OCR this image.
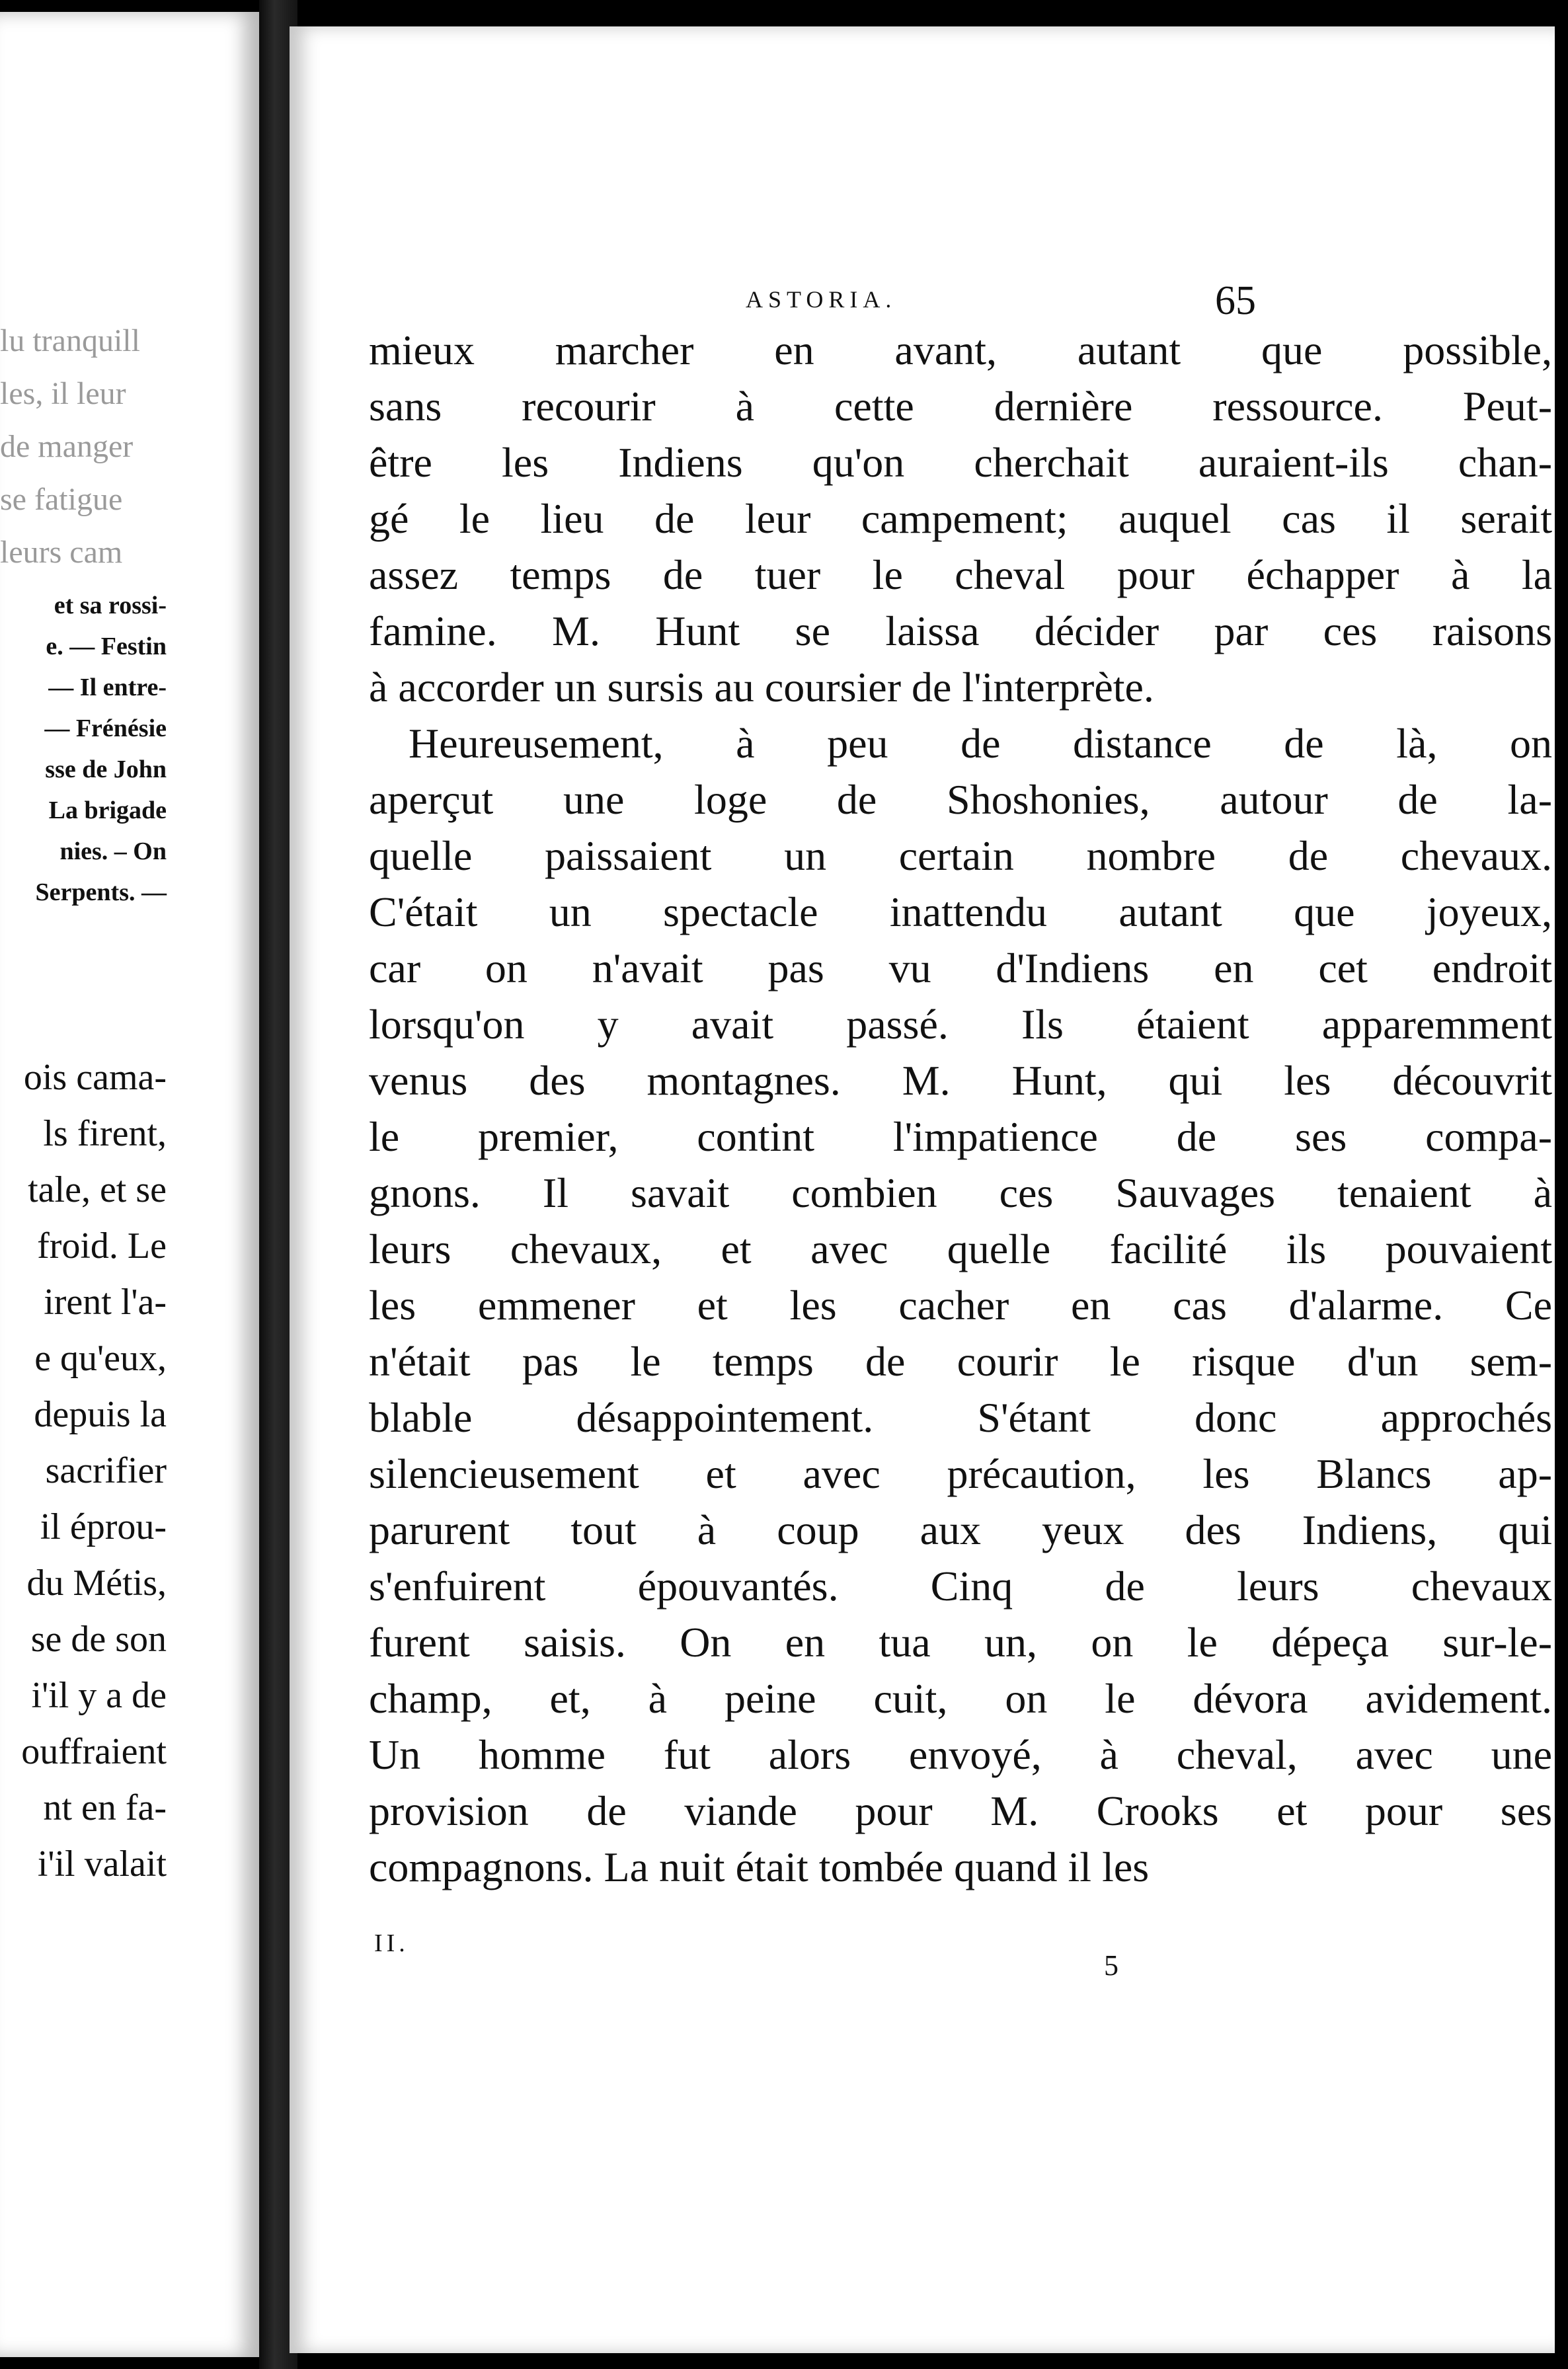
lu tranquill
les, il leur
de manger
se fatigue
leurs cam
et sa rossi-
e. — Festin
— Il entre-
— Frénésie
sse de John
La brigade
nies. – On
Serpents. —
ois cama-
ls firent,
tale, et se
froid. Le
irent l'a-
e qu'eux,
depuis la
sacrifier
il éprou-
du Métis,
se de son
i'il y a de
ouffraient
nt en fa-
i'il valait
ASTORIA.	65
mieux marcher en avant, autant que possible,
sans recourir à cette dernière ressource. Peut-
être les Indiens qu'on cherchait auraient-ils chan-
gé le lieu de leur campement; auquel cas il serait
assez temps de tuer le cheval pour échapper à la
famine. M. Hunt se laissa décider par ces raisons
à accorder un sursis au coursier de l'interprète.
Heureusement, à peu de distance de là, on
aperçut une loge de Shoshonies, autour de la-
quelle paissaient un certain nombre de chevaux.
C'était un spectacle inattendu autant que joyeux,
car on n'avait pas vu d'Indiens en cet endroit
lorsqu'on y avait passé. Ils étaient apparemment
venus des montagnes. M. Hunt, qui les découvrit
le premier, contint l'impatience de ses compa-
gnons. Il savait combien ces Sauvages tenaient à
leurs chevaux, et avec quelle facilité ils pouvaient
les emmener et les cacher en cas d'alarme. Ce
n'était pas le temps de courir le risque d'un sem-
blable désappointement. S'étant donc approchés
silencieusement et avec précaution, les Blancs ap-
parurent tout à coup aux yeux des Indiens, qui
s'enfuirent épouvantés. Cinq de leurs chevaux
furent saisis. On en tua un, on le dépeça sur-le-
champ, et, à peine cuit, on le dévora avidement.
Un homme fut alors envoyé, à cheval, avec une
provision de viande pour M. Crooks et pour ses
compagnons. La nuit était tombée quand il les
II.
5
